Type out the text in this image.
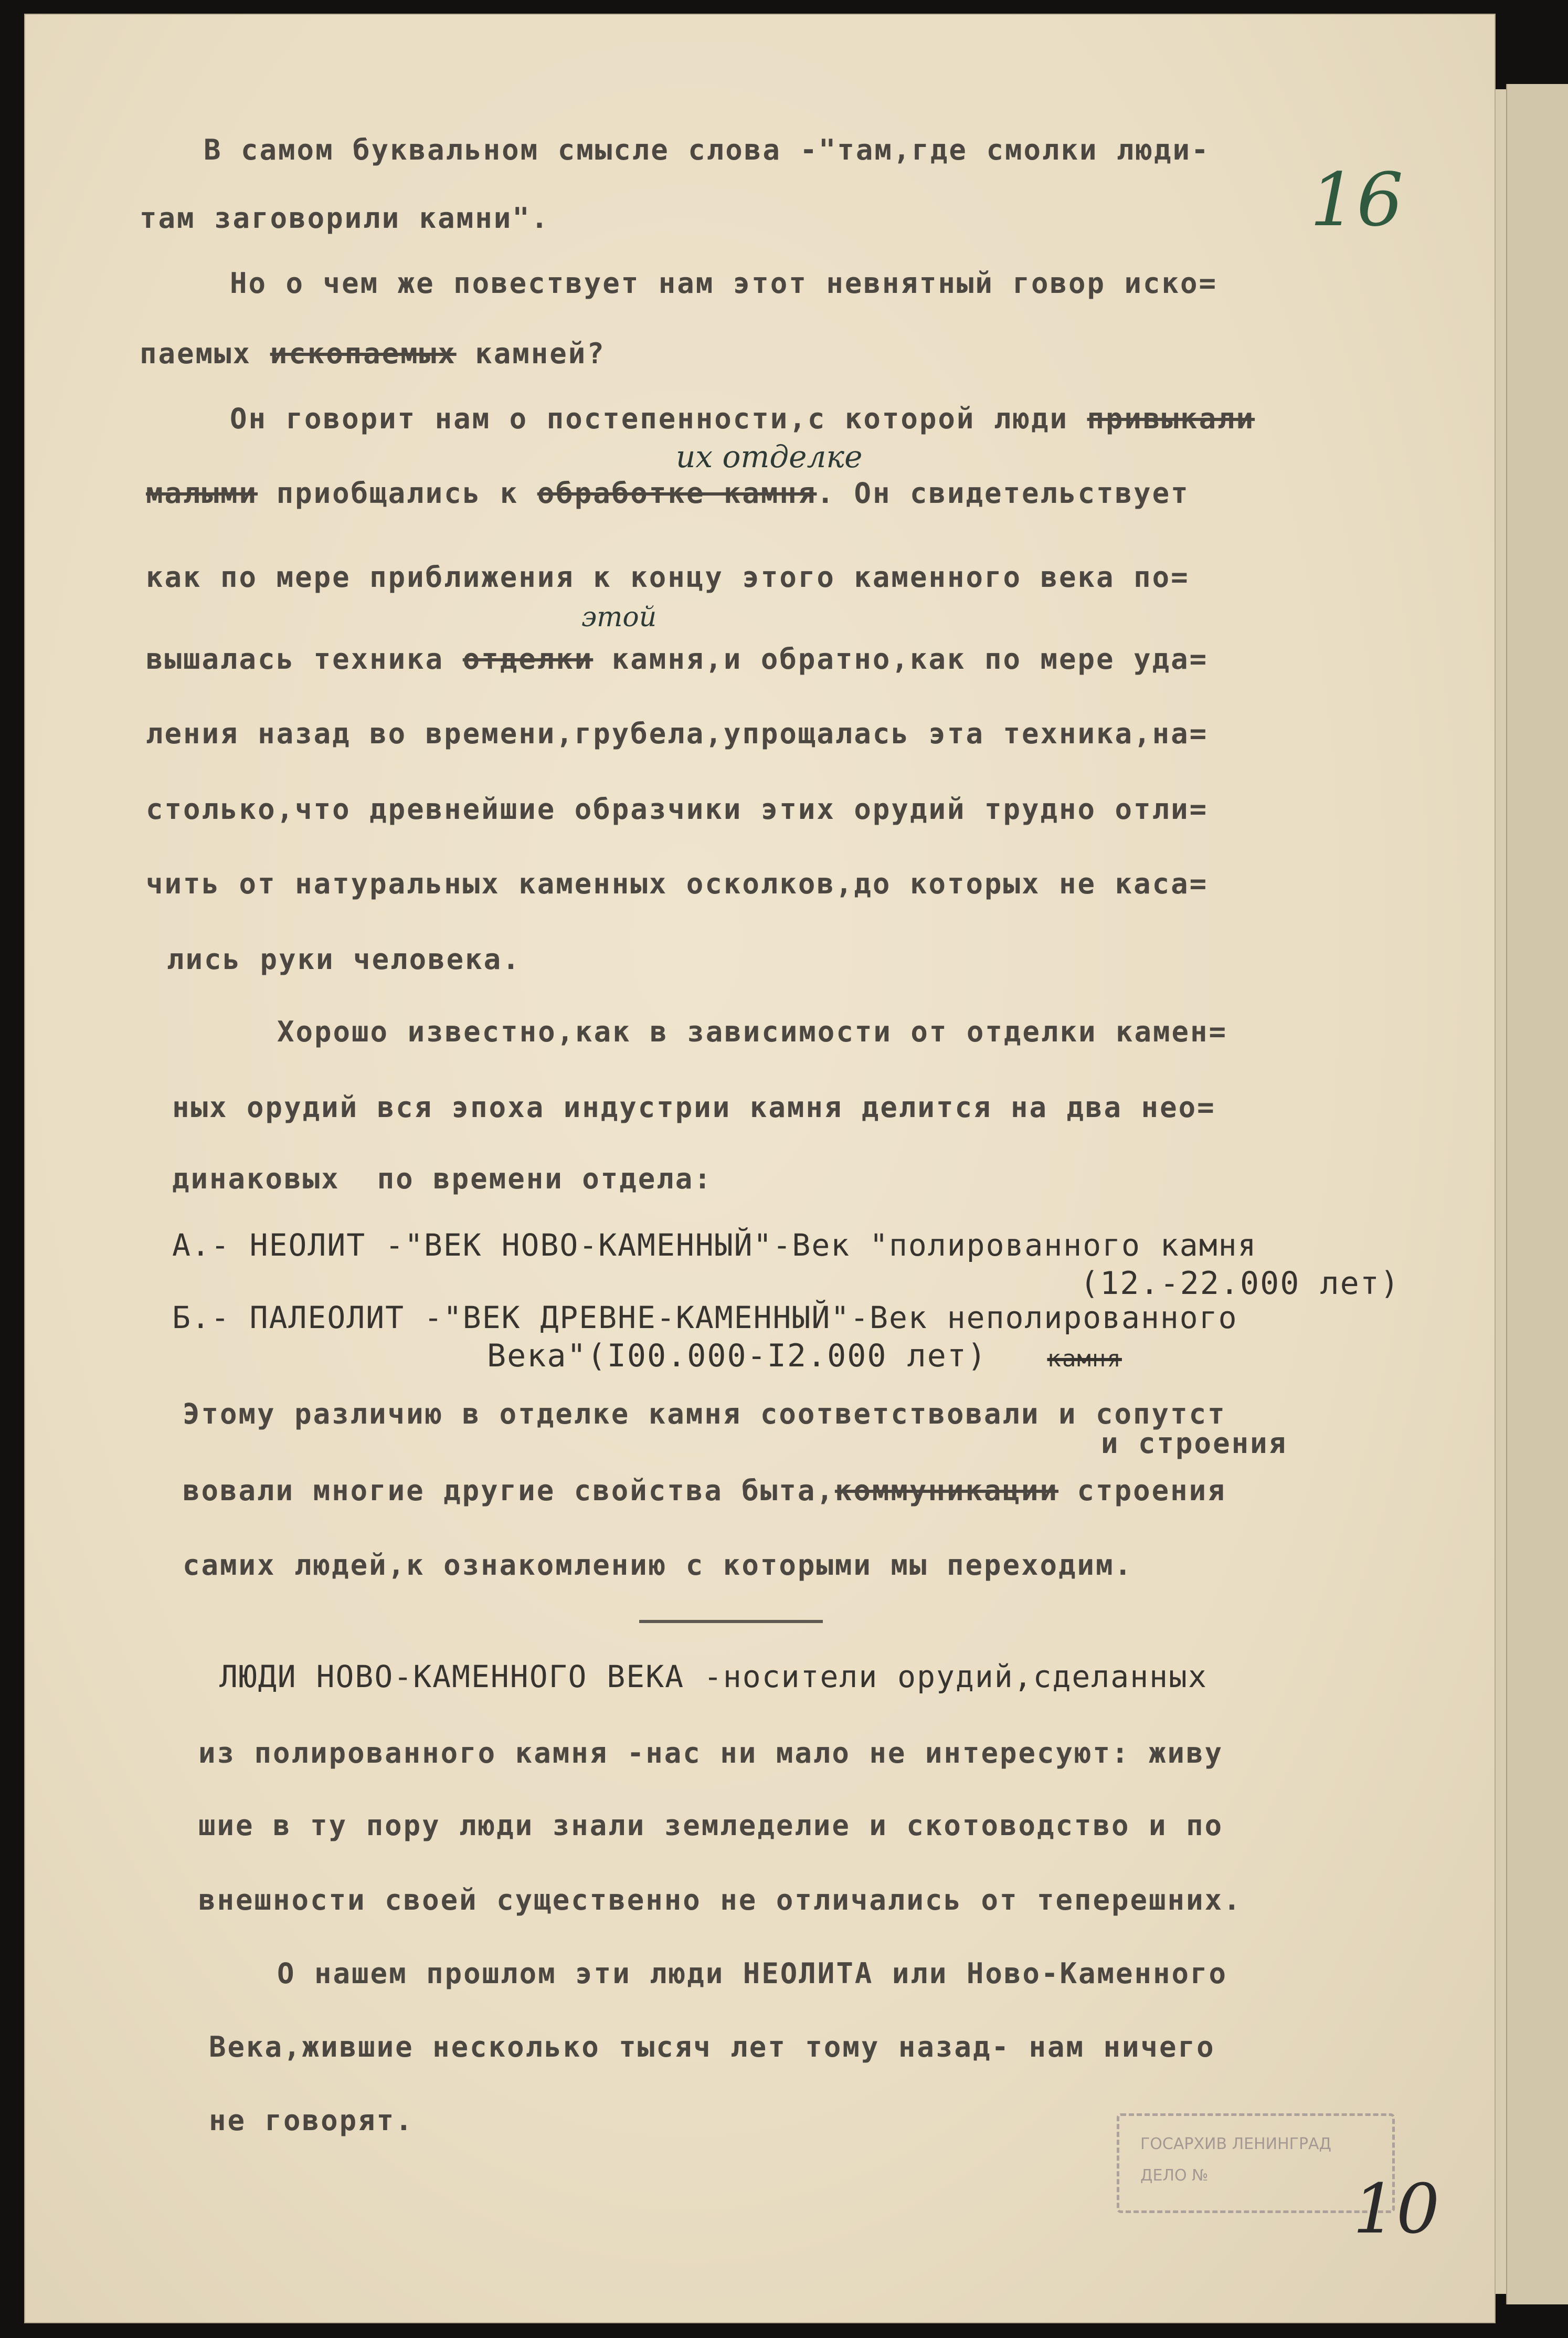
16
В самом буквальном смысле слова -"там,где смолки люди-
там заговорили камни".
Но о чем же повествует нам этот невнятный говор иско=
паемых ископаемых камней?
Он говорит нам о постепенности,с которой люди привыкали
их отделке
малыми приобщались к обработке камня. Он свидетельствует
как по мере приближения к концу этого каменного века по=
этой
вышалась техника отделки камня,и обратно,как по мере уда=
ления назад во времени,грубела,упрощалась эта техника,на=
столько,что древнейшие образчики этих орудий трудно отли=
чить от натуральных каменных осколков,до которых не каса=
лись руки человека.
Хорошо известно,как в зависимости от отделки камен=
ных орудий вся эпоха индустрии камня делится на два нео=
динаковых  по времени отдела:
А.- НЕОЛИТ -"ВЕК НОВО-КАМЕННЫЙ"-Век "полированного камня
(12.-22.000 лет)
Б.- ПАЛЕОЛИТ -"ВЕК ДРЕВНЕ-КАМЕННЫЙ"-Век неполированного
Века"(I00.000-I2.000 лет)	камня
Этому различию в отделке камня соответствовали и сопутст
и строения
вовали многие другие свойства быта,коммуникации строения
самих людей,к ознакомлению с которыми мы переходим.
ЛЮДИ НОВО-КАМЕННОГО ВЕКА -носители орудий,сделанных
из полированного камня -нас ни мало не интересуют: живу
шие в ту пору люди знали земледелие и скотоводство и по
внешности своей существенно не отличались от теперешних.
О нашем прошлом эти люди НЕОЛИТА или Ново-Каменного
Века,жившие несколько тысяч лет тому назад- нам ничего
не говорят.
ГОСАРХИВ ЛЕНИНГРАД
ДЕЛО № 10
